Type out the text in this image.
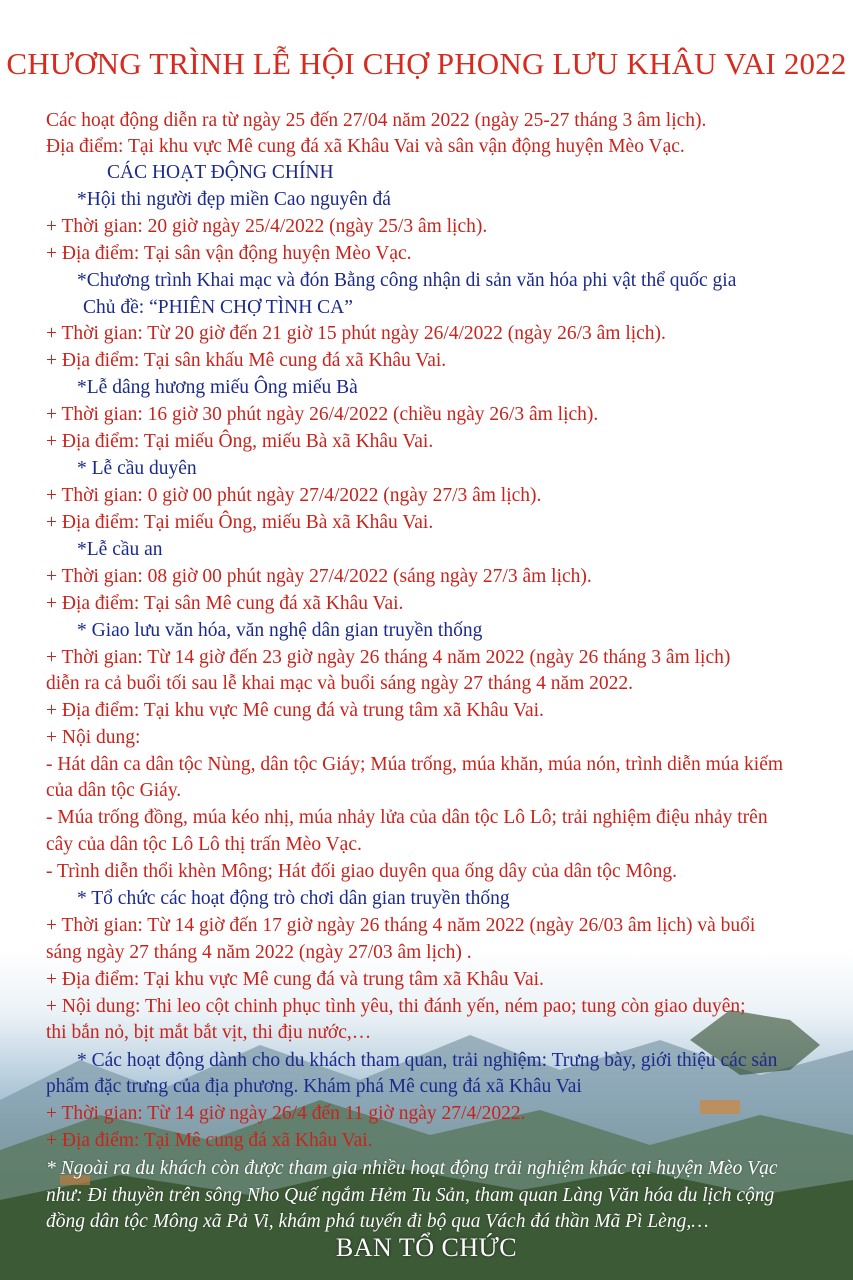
CHƯƠNG TRÌNH LỄ HỘI CHỢ PHONG LƯU KHÂU VAI 2022
Các hoạt động diễn ra từ ngày 25 đến 27/04 năm 2022 (ngày 25-27 tháng 3 âm lịch).
Địa điểm: Tại khu vực Mê cung đá xã Khâu Vai và sân vận động huyện Mèo Vạc.
CÁC HOẠT ĐỘNG CHÍNH
*Hội thi người đẹp miền Cao nguyên đá
+ Thời gian: 20 giờ ngày 25/4/2022 (ngày 25/3 âm lịch).
+ Địa điểm: Tại sân vận động huyện Mèo Vạc.
*Chương trình Khai mạc và đón Bằng công nhận di sản văn hóa phi vật thể quốc gia
Chủ đề: “PHIÊN CHỢ TÌNH CA”
+ Thời gian: Từ 20 giờ đến 21 giờ 15 phút ngày 26/4/2022 (ngày 26/3 âm lịch).
+ Địa điểm: Tại sân khấu Mê cung đá xã Khâu Vai.
*Lễ dâng hương miếu Ông miếu Bà
+ Thời gian: 16 giờ 30 phút ngày 26/4/2022 (chiều ngày 26/3 âm lịch).
+ Địa điểm: Tại miếu Ông, miếu Bà xã Khâu Vai.
* Lễ cầu duyên
+ Thời gian: 0 giờ 00 phút ngày 27/4/2022 (ngày 27/3 âm lịch).
+ Địa điểm: Tại miếu Ông, miếu Bà xã Khâu Vai.
*Lễ cầu an
+ Thời gian: 08 giờ 00 phút ngày 27/4/2022 (sáng ngày 27/3 âm lịch).
+ Địa điểm: Tại sân Mê cung đá xã Khâu Vai.
* Giao lưu văn hóa, văn nghệ dân gian truyền thống
+ Thời gian: Từ 14 giờ đến 23 giờ ngày 26 tháng 4 năm 2022 (ngày 26 tháng 3 âm lịch)
diễn ra cả buổi tối sau lễ khai mạc và buổi sáng ngày 27 tháng 4 năm 2022.
+ Địa điểm: Tại khu vực Mê cung đá và trung tâm xã Khâu Vai.
+ Nội dung:
- Hát dân ca dân tộc Nùng, dân tộc Giáy; Múa trống, múa khăn, múa nón, trình diễn múa kiếm
của dân tộc Giáy.
- Múa trống đồng, múa kéo nhị, múa nhảy lửa của dân tộc Lô Lô; trải nghiệm điệu nhảy trên
cây của dân tộc Lô Lô thị trấn Mèo Vạc.
- Trình diễn thổi khèn Mông; Hát đối giao duyên qua ống dây của dân tộc Mông.
* Tổ chức các hoạt động trò chơi dân gian truyền thống
+ Thời gian: Từ 14 giờ đến 17 giờ ngày 26 tháng 4 năm 2022 (ngày 26/03 âm lịch) và buổi
sáng ngày 27 tháng 4 năm 2022 (ngày 27/03 âm lịch) .
+ Địa điểm: Tại khu vực Mê cung đá và trung tâm xã Khâu Vai.
+ Nội dung: Thi leo cột chinh phục tình yêu, thi đánh yến, ném pao; tung còn giao duyên;
thi bắn nỏ, bịt mắt bắt vịt, thi địu nước,…
* Các hoạt động dành cho du khách tham quan, trải nghiệm: Trưng bày, giới thiệu các sản
phẩm đặc trưng của địa phương. Khám phá Mê cung đá xã Khâu Vai
+ Thời gian: Từ 14 giờ ngày 26/4 đến 11 giờ ngày 27/4/2022.
+ Địa điểm: Tại Mê cung đá xã Khâu Vai.
* Ngoài ra du khách còn được tham gia nhiều hoạt động trải nghiệm khác tại huyện Mèo Vạc
như: Đi thuyền trên sông Nho Quế ngắm Hẻm Tu Sản, tham quan Làng Văn hóa du lịch cộng
đồng dân tộc Mông xã Pả Vi, khám phá tuyến đi bộ qua Vách đá thần Mã Pì Lèng,…
BAN TỔ CHỨC
